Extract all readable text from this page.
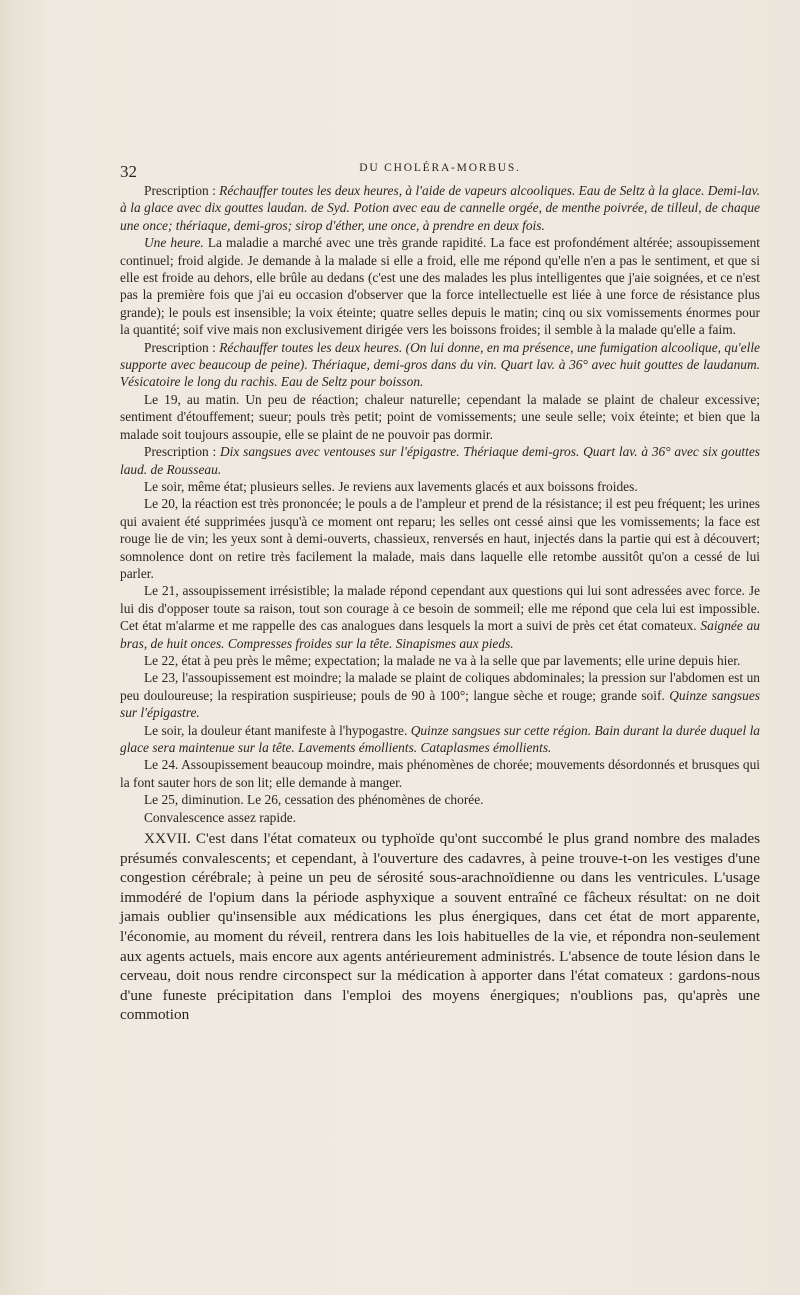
32	DU CHOLÉRA-MORBUS.

Prescription : Réchauffer toutes les deux heures, à l'aide de vapeurs alcooliques. Eau de Seltz à la glace. Demi-lav. à la glace avec dix gouttes laudan. de Syd. Potion avec eau de cannelle orgée, de menthe poivrée, de tilleul, de chaque une once; thériaque, demi-gros; sirop d'éther, une once, à prendre en deux fois.

Une heure. La maladie a marché avec une très grande rapidité. La face est profondément altérée; assoupissement continuel; froid algide. Je demande à la malade si elle a froid, elle me répond qu'elle n'en a pas le sentiment, et que si elle est froide au dehors, elle brûle au dedans (c'est une des malades les plus intelligentes que j'aie soignées, et ce n'est pas la première fois que j'ai eu occasion d'observer que la force intellectuelle est liée à une force de résistance plus grande); le pouls est insensible; la voix éteinte; quatre selles depuis le matin; cinq ou six vomissements énormes pour la quantité; soif vive mais non exclusivement dirigée vers les boissons froides; il semble à la malade qu'elle a faim.

Prescription : Réchauffer toutes les deux heures. (On lui donne, en ma présence, une fumigation alcoolique, qu'elle supporte avec beaucoup de peine). Thériaque, demi-gros dans du vin. Quart lav. à 36° avec huit gouttes de laudanum. Vésicatoire le long du rachis. Eau de Seltz pour boisson.

Le 19, au matin. Un peu de réaction; chaleur naturelle; cependant la malade se plaint de chaleur excessive; sentiment d'étouffement; sueur; pouls très petit; point de vomissements; une seule selle; voix éteinte; et bien que la malade soit toujours assoupie, elle se plaint de ne pouvoir pas dormir.

Prescription : Dix sangsues avec ventouses sur l'épigastre. Thériaque demi-gros. Quart lav. à 36° avec six gouttes laud. de Rousseau.

Le soir, même état; plusieurs selles. Je reviens aux lavements glacés et aux boissons froides.

Le 20, la réaction est très prononcée; le pouls a de l'ampleur et prend de la résistance; il est peu fréquent; les urines qui avaient été supprimées jusqu'à ce moment ont reparu; les selles ont cessé ainsi que les vomissements; la face est rouge lie de vin; les yeux sont à demi-ouverts, chassieux, renversés en haut, injectés dans la partie qui est à découvert; somnolence dont on retire très facilement la malade, mais dans laquelle elle retombe aussitôt qu'on a cessé de lui parler.

Le 21, assoupissement irrésistible; la malade répond cependant aux questions qui lui sont adressées avec force. Je lui dis d'opposer toute sa raison, tout son courage à ce besoin de sommeil; elle me répond que cela lui est impossible. Cet état m'alarme et me rappelle des cas analogues dans lesquels la mort a suivi de près cet état comateux. Saignée au bras, de huit onces. Compresses froides sur la tête. Sinapismes aux pieds.

Le 22, état à peu près le même; expectation; la malade ne va à la selle que par lavements; elle urine depuis hier.

Le 23, l'assoupissement est moindre; la malade se plaint de coliques abdominales; la pression sur l'abdomen est un peu douloureuse; la respiration suspirieuse; pouls de 90 à 100°; langue sèche et rouge; grande soif. Quinze sangsues sur l'épigastre.

Le soir, la douleur étant manifeste à l'hypogastre. Quinze sangsues sur cette région. Bain durant la durée duquel la glace sera maintenue sur la tête. Lavements émollients. Cataplasmes émollients.

Le 24. Assoupissement beaucoup moindre, mais phénomènes de chorée; mouvements désordonnés et brusques qui la font sauter hors de son lit; elle demande à manger.

Le 25, diminution. Le 26, cessation des phénomènes de chorée.

Convalescence assez rapide.

XXVII. C'est dans l'état comateux ou typhoïde qu'ont succombé le plus grand nombre des malades présumés convalescents; et cependant, à l'ouverture des cadavres, à peine trouve-t-on les vestiges d'une congestion cérébrale; à peine un peu de sérosité sous-arachnoïdienne ou dans les ventricules. L'usage immodéré de l'opium dans la période asphyxique a souvent entraîné ce fâcheux résultat: on ne doit jamais oublier qu'insensible aux médications les plus énergiques, dans cet état de mort apparente, l'économie, au moment du réveil, rentrera dans les lois habituelles de la vie, et répondra non-seulement aux agents actuels, mais encore aux agents antérieurement administrés. L'absence de toute lésion dans le cerveau, doit nous rendre circonspect sur la médication à apporter dans l'état comateux : gardons-nous d'une funeste précipitation dans l'emploi des moyens énergiques; n'oublions pas, qu'après une commotion
